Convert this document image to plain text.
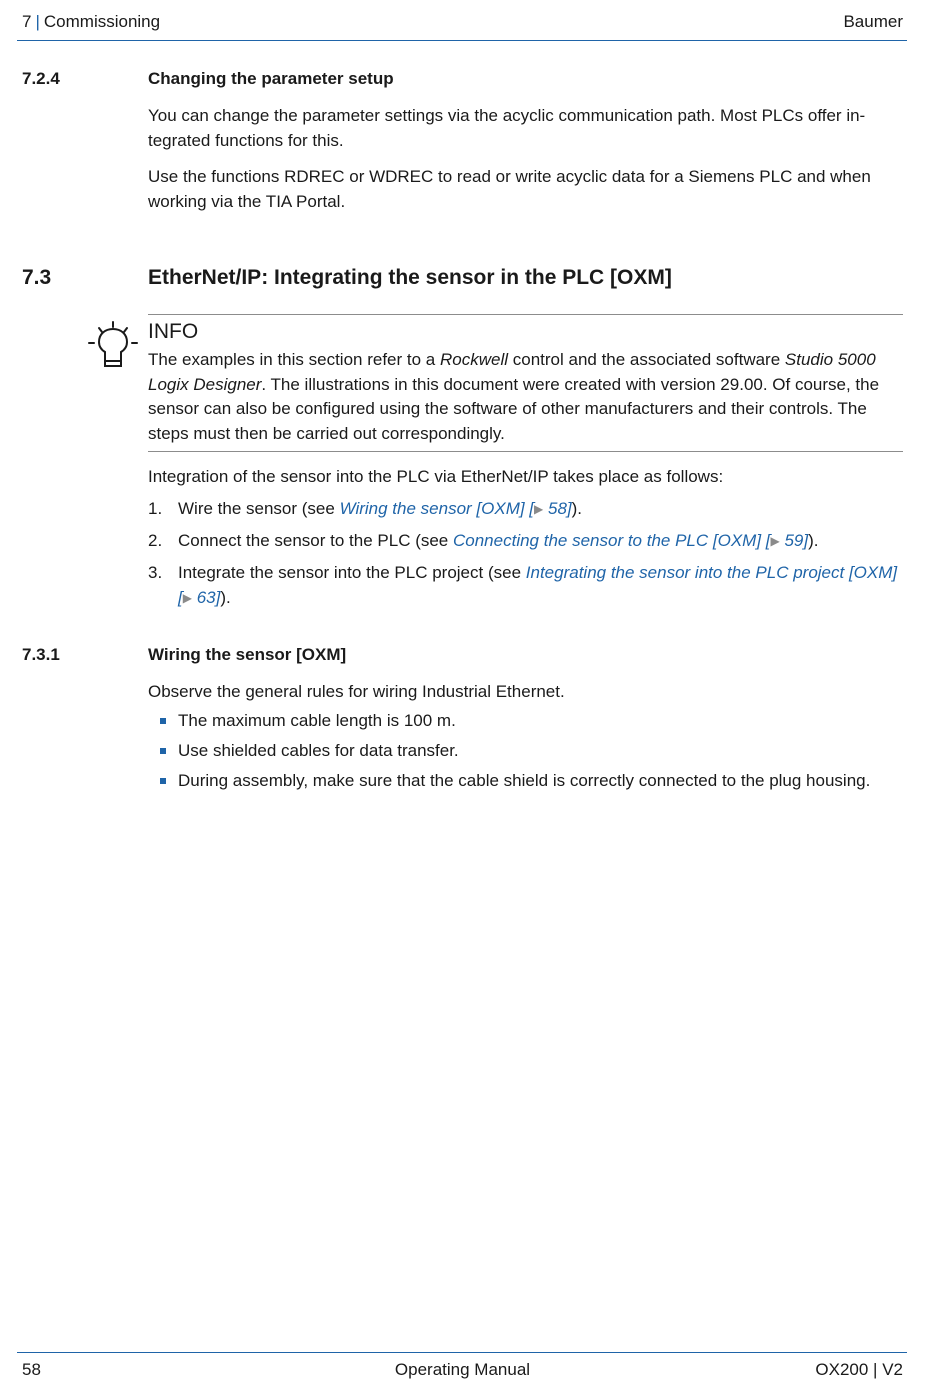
7 | Commissioning	Baumer
7.2.4	Changing the parameter setup
You can change the parameter settings via the acyclic communication path. Most PLCs offer in-tegrated functions for this.
Use the functions RDREC or WDREC to read or write acyclic data for a Siemens PLC and when working via the TIA Portal.
7.3	EtherNet/IP: Integrating the sensor in the PLC [OXM]
INFO
The examples in this section refer to a Rockwell control and the associated software Studio 5000 Logix Designer. The illustrations in this document were created with version 29.00. Of course, the sensor can also be configured using the software of other manufacturers and their controls. The steps must then be carried out correspondingly.
Integration of the sensor into the PLC via EtherNet/IP takes place as follows:
1. Wire the sensor (see Wiring the sensor [OXM] [▶ 58]).
2. Connect the sensor to the PLC (see Connecting the sensor to the PLC [OXM] [▶ 59]).
3. Integrate the sensor into the PLC project (see Integrating the sensor into the PLC project [OXM] [▶ 63]).
7.3.1	Wiring the sensor [OXM]
Observe the general rules for wiring Industrial Ethernet.
The maximum cable length is 100 m.
Use shielded cables for data transfer.
During assembly, make sure that the cable shield is correctly connected to the plug housing.
58	Operating Manual	OX200 | V2
